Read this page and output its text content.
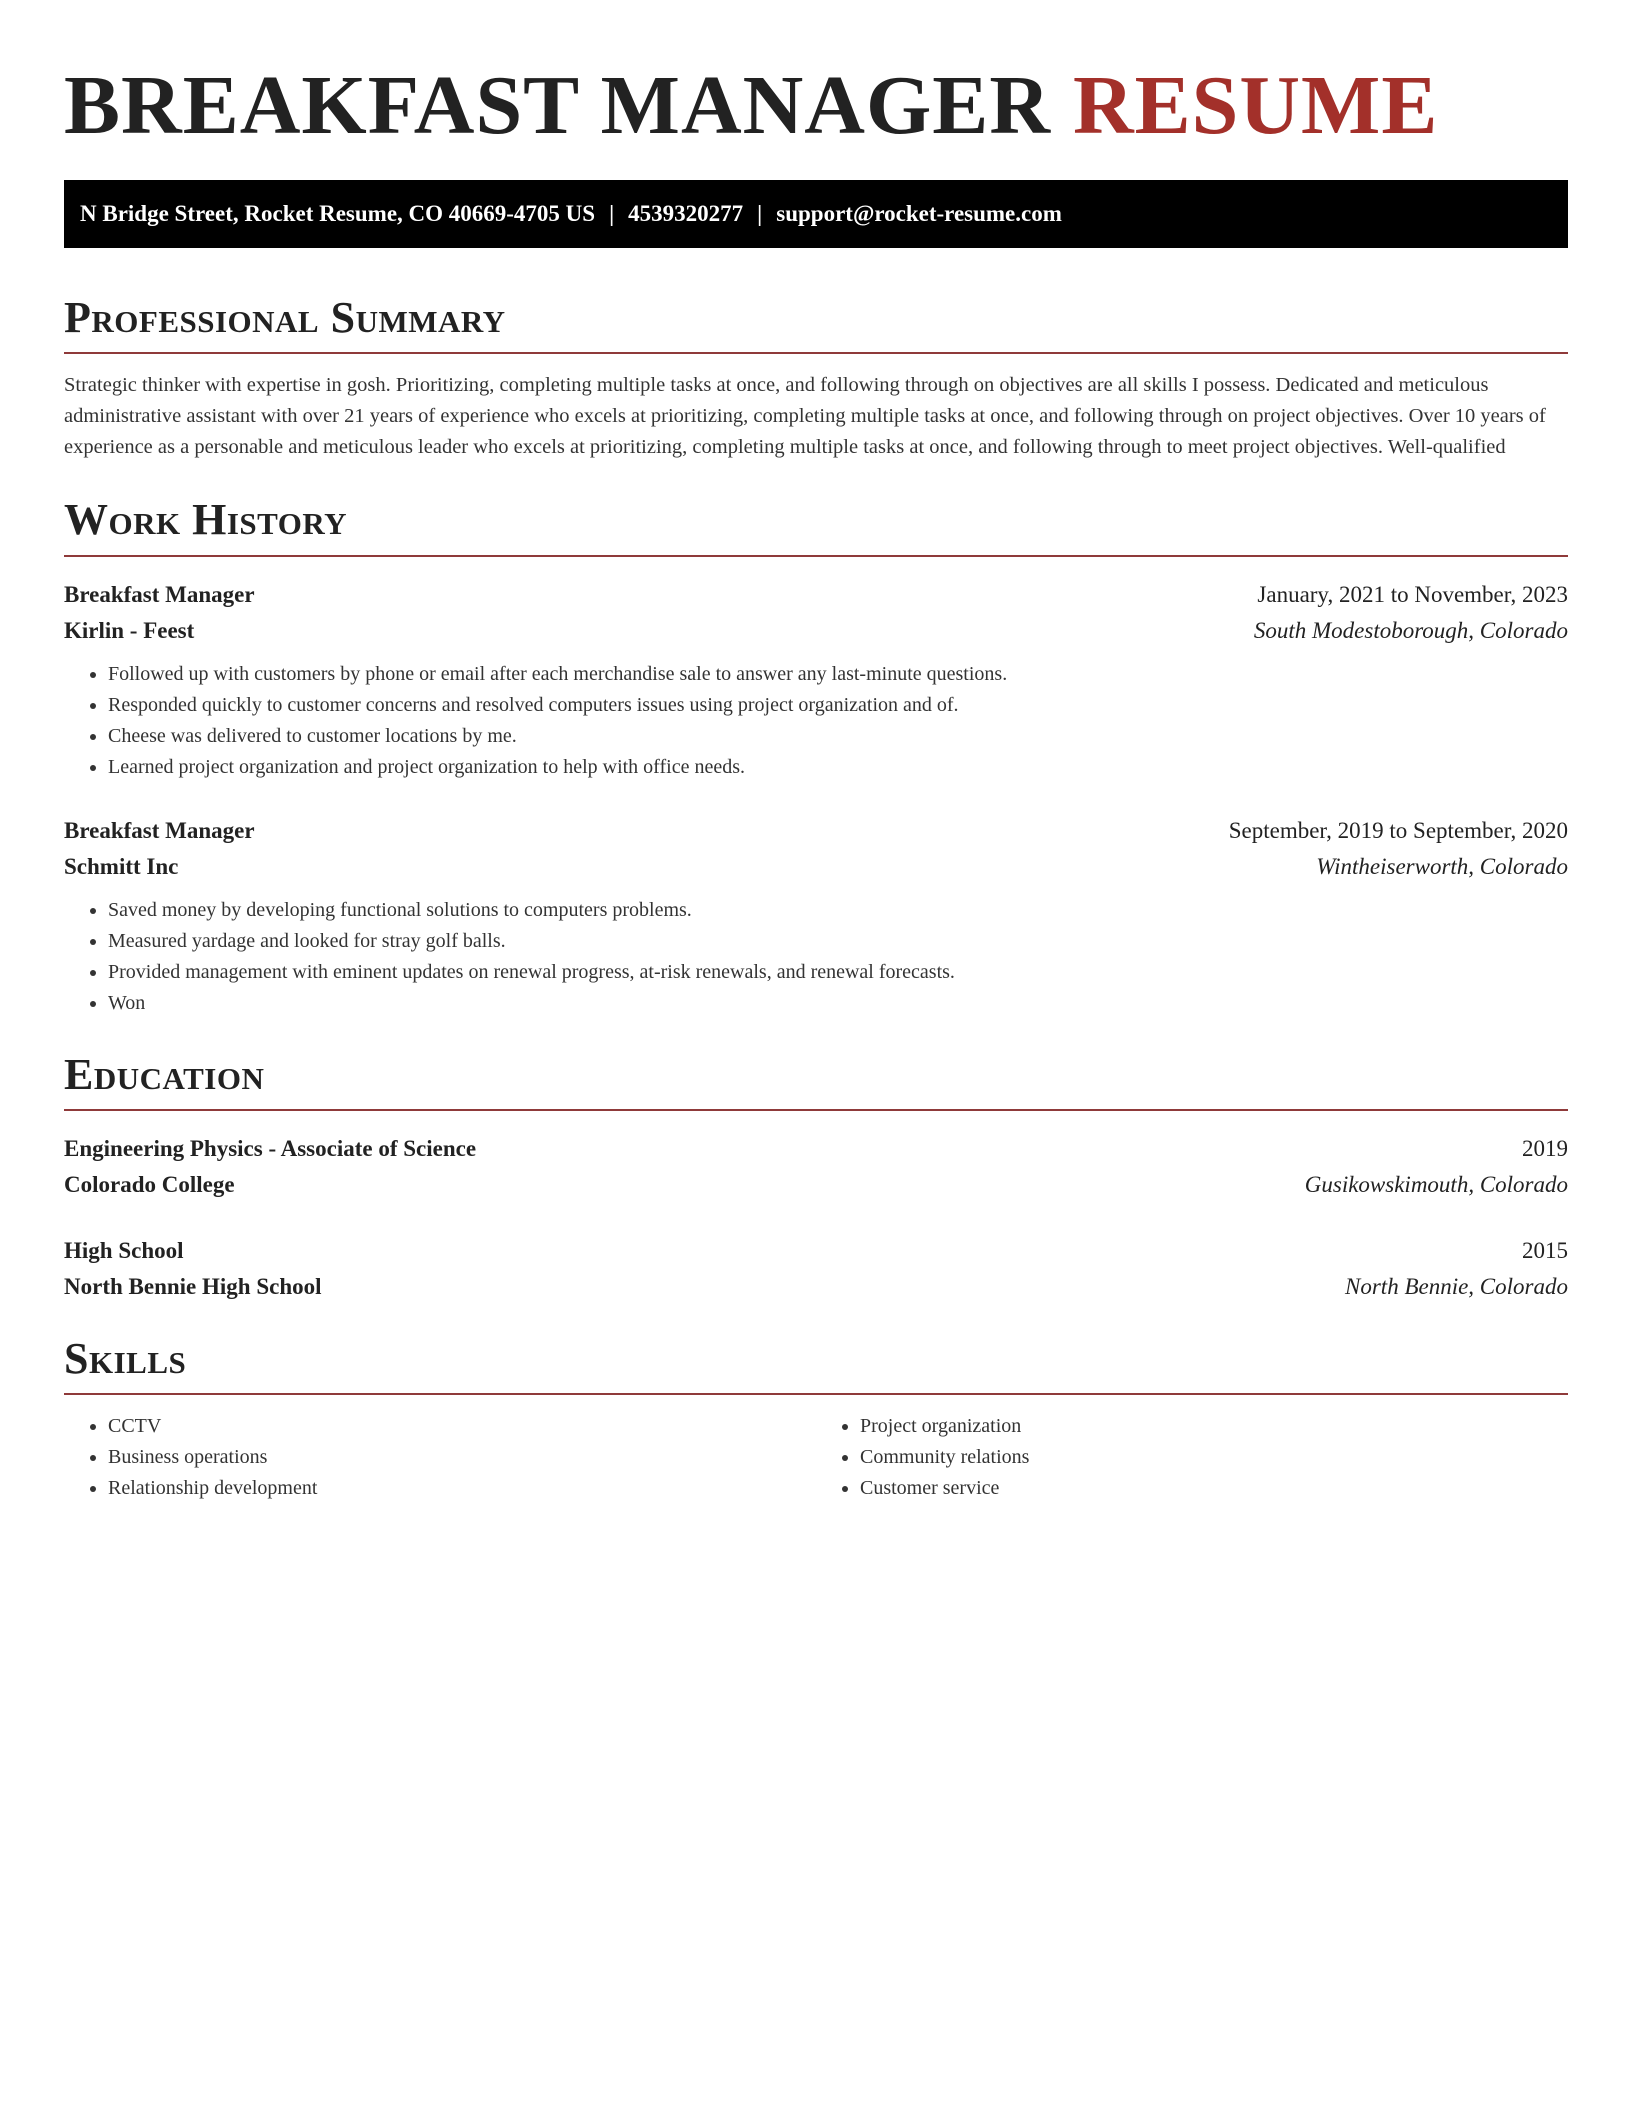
BREAKFAST MANAGER RESUME
N Bridge Street, Rocket Resume, CO 40669-4705 US | 4539320277 | support@rocket-resume.com
Professional Summary

Strategic thinker with expertise in gosh. Prioritizing, completing multiple tasks at once, and following through on objectives are all skills I possess. Dedicated and meticulous administrative assistant with over 21 years of experience who excels at prioritizing, completing multiple tasks at once, and following through on project objectives. Over 10 years of experience as a personable and meticulous leader who excels at prioritizing, completing multiple tasks at once, and following through to meet project objectives. Well-qualified

Work History
Breakfast Manager	January, 2021 to November, 2023
Kirlin - Feest	South Modestoborough, Colorado
• Followed up with customers by phone or email after each merchandise sale to answer any last-minute questions.
• Responded quickly to customer concerns and resolved computers issues using project organization and of.
• Cheese was delivered to customer locations by me.
• Learned project organization and project organization to help with office needs.
Breakfast Manager	September, 2019 to September, 2020
Schmitt Inc	Wintheiserworth, Colorado
• Saved money by developing functional solutions to computers problems.
• Measured yardage and looked for stray golf balls.
• Provided management with eminent updates on renewal progress, at-risk renewals, and renewal forecasts.
• Won
Education
Engineering Physics - Associate of Science	2019
Colorado College	Gusikowskimouth, Colorado
High School	2015
North Bennie High School	North Bennie, Colorado
Skills
• CCTV
• Business operations
• Relationship development
• Project organization
• Community relations
• Customer service
